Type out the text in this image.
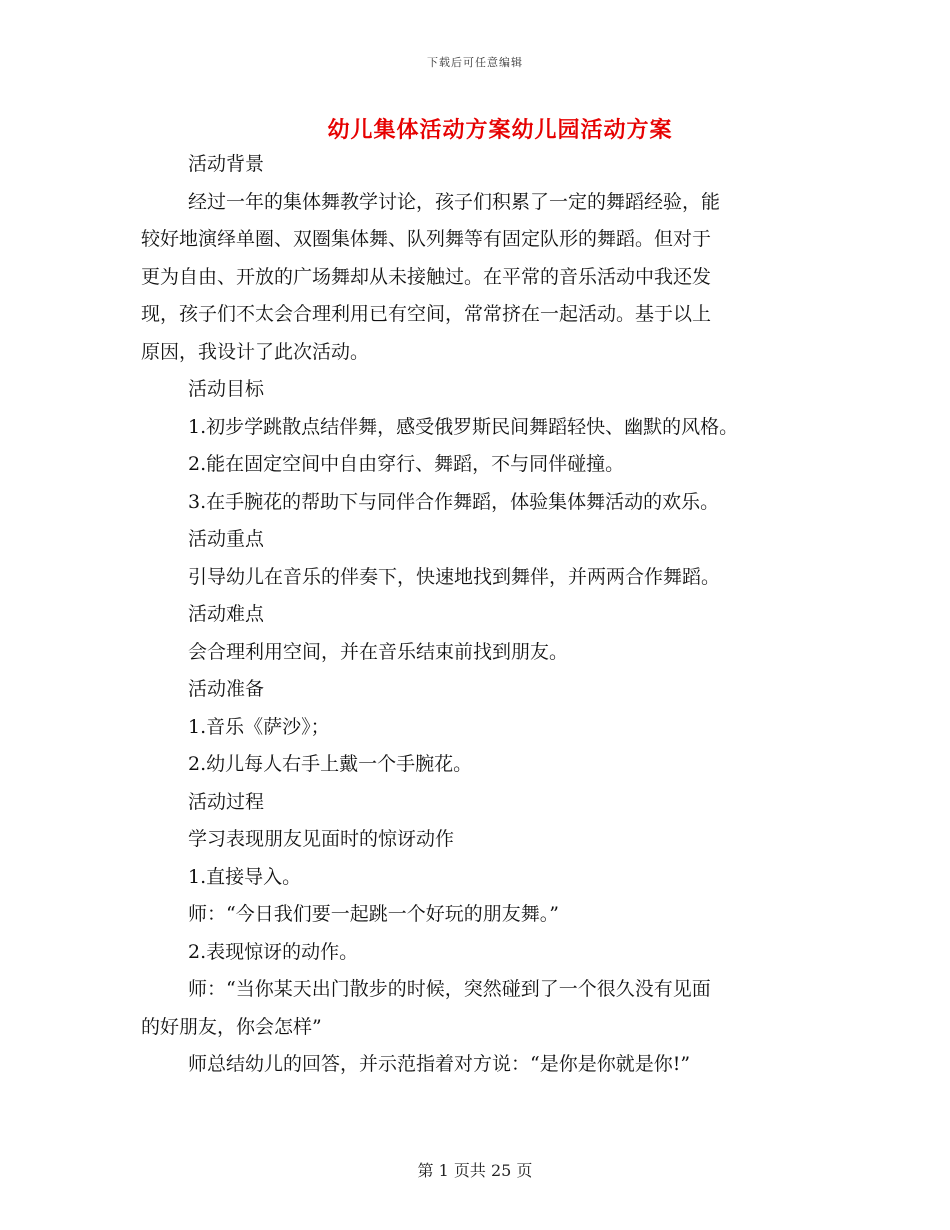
下载后可任意编辑
幼儿集体活动方案幼儿园活动方案
活动背景
经过一年的集体舞教学讨论，孩子们积累了一定的舞蹈经验，能
较好地演绎单圈、双圈集体舞、队列舞等有固定队形的舞蹈。但对于
更为自由、开放的广场舞却从未接触过。在平常的音乐活动中我还发
现，孩子们不太会合理利用已有空间，常常挤在一起活动。基于以上
原因，我设计了此次活动。
活动目标
1.初步学跳散点结伴舞，感受俄罗斯民间舞蹈轻快、幽默的风格。
2.能在固定空间中自由穿行、舞蹈，不与同伴碰撞。
3.在手腕花的帮助下与同伴合作舞蹈，体验集体舞活动的欢乐。
活动重点
引导幼儿在音乐的伴奏下，快速地找到舞伴，并两两合作舞蹈。
活动难点
会合理利用空间，并在音乐结束前找到朋友。
活动准备
1.音乐《萨沙》；
2.幼儿每人右手上戴一个手腕花。
活动过程
学习表现朋友见面时的惊讶动作
1.直接导入。
师：“今日我们要一起跳一个好玩的朋友舞。”
2.表现惊讶的动作。
师：“当你某天出门散步的时候，突然碰到了一个很久没有见面
的好朋友，你会怎样”
师总结幼儿的回答，并示范指着对方说：“是你是你就是你!”
第 1 页共 25 页
